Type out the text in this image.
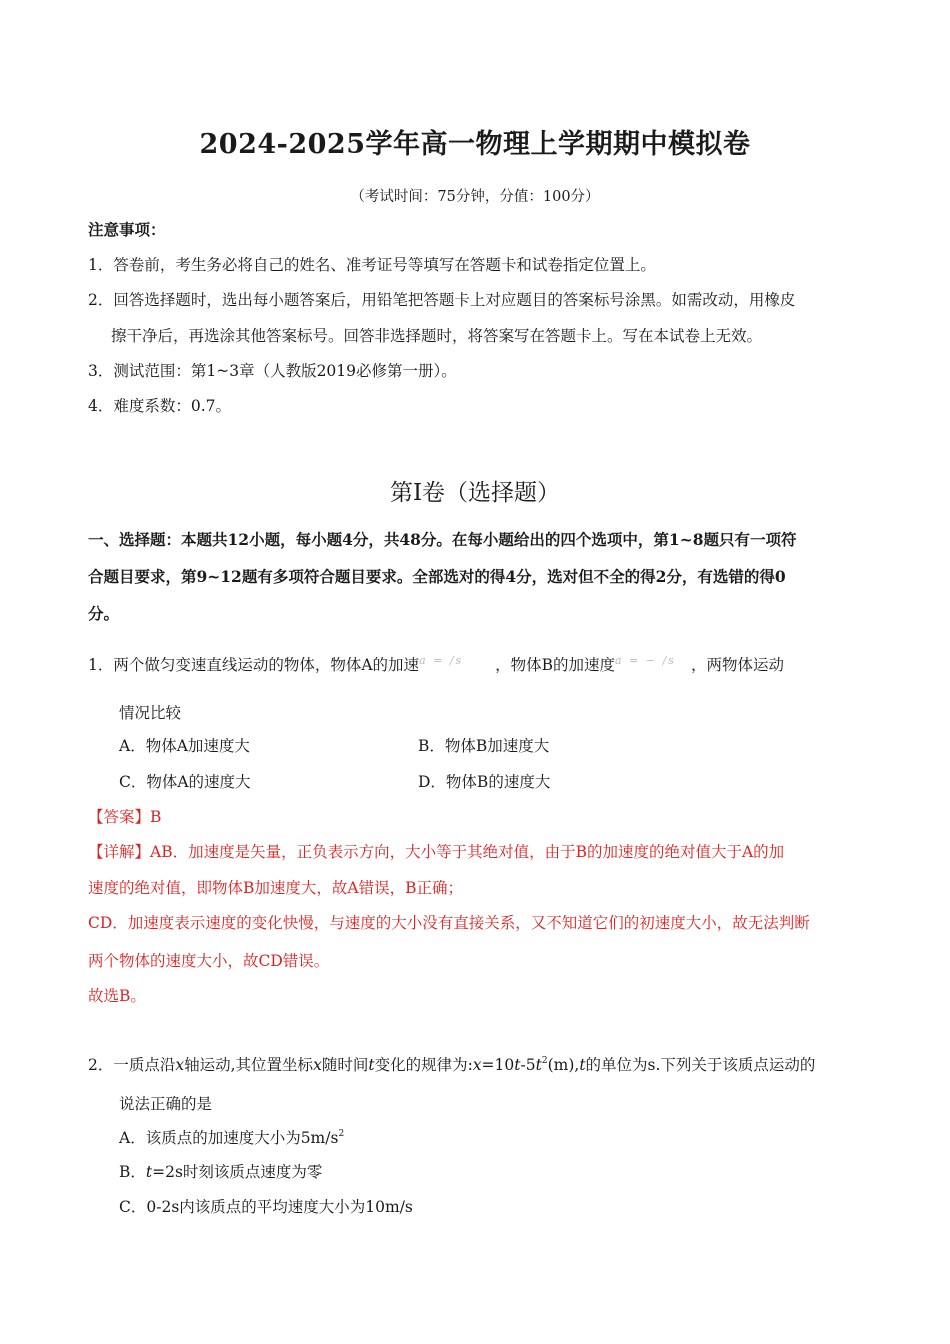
2024-2025学年高一物理上学期期中模拟卷
（考试时间：75分钟，分值：100分）
注意事项：
1．答卷前，考生务必将自己的姓名、准考证号等填写在答题卡和试卷指定位置上。
2．回答选择题时，选出每小题答案后，用铅笔把答题卡上对应题目的答案标号涂黑。如需改动，用橡皮
擦干净后，再选涂其他答案标号。回答非选择题时，将答案写在答题卡上。写在本试卷上无效。
3．测试范围：第1~3章（人教版2019必修第一册）。
4．难度系数：0.7。
第Ⅰ卷（选择题）
一、选择题：本题共12小题，每小题4分，共48分。在每小题给出的四个选项中，第1~8题只有一项符
合题目要求，第9~12题有多项符合题目要求。全部选对的得4分，选对但不全的得2分，有选错的得0
分。
1．两个做匀变速直线运动的物体，物体A的加速a = /s ，物体B的加速度a = − /s ，两物体运动
情况比较
A．物体A加速度大	B．物体B加速度大
C．物体A的速度大	D．物体B的速度大
【答案】B
【详解】AB．加速度是矢量，正负表示方向，大小等于其绝对值，由于B的加速度的绝对值大于A的加
速度的绝对值，即物体B加速度大，故A错误，B正确；
CD．加速度表示速度的变化快慢，与速度的大小没有直接关系，又不知道它们的初速度大小，故无法判断
两个物体的速度大小，故CD错误。
故选B。
2．一质点沿x轴运动,其位置坐标x随时间t变化的规律为$:x=10t-5t^2(m),t$的单位为s.下列关于该质点运动的
说法正确的是
A．该质点的加速度大小为$5m/s^2$
B．t=2s时刻该质点速度为零
C．0-2s内该质点的平均速度大小为10m/s
